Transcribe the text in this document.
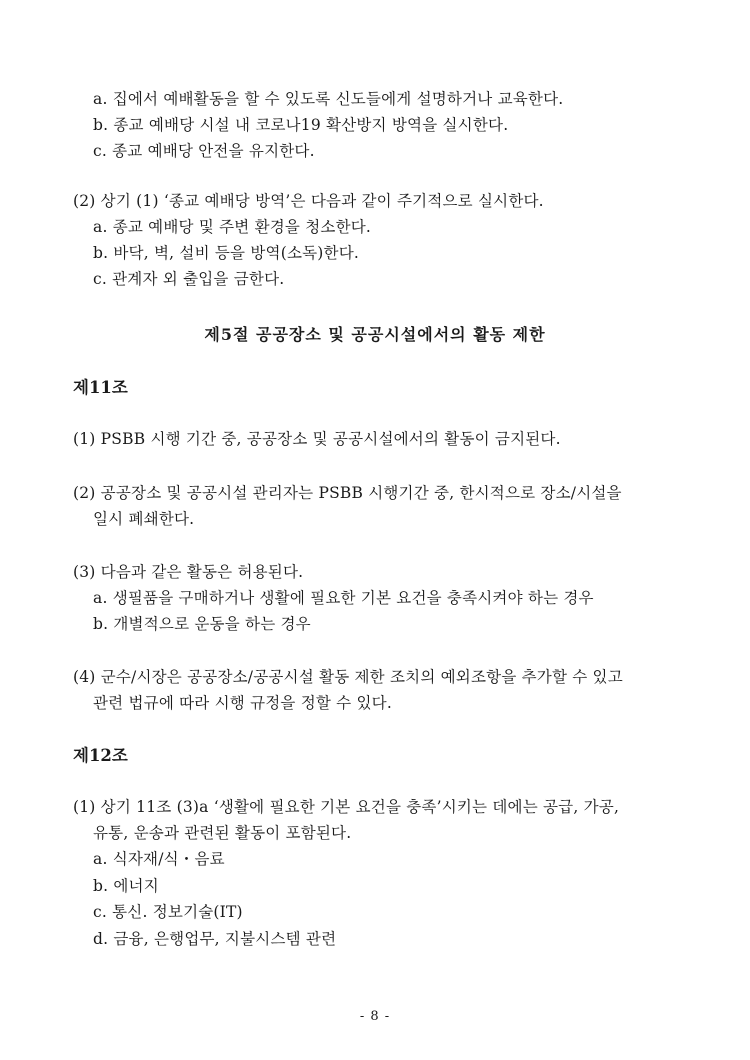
a. 집에서 예배활동을 할 수 있도록 신도들에게 설명하거나 교육한다.
b. 종교 예배당 시설 내 코로나19 확산방지 방역을 실시한다.
c. 종교 예배당 안전을 유지한다.
(2) 상기 (1) ‘종교 예배당 방역’은 다음과 같이 주기적으로 실시한다.
a. 종교 예배당 및 주변 환경을 청소한다.
b. 바닥, 벽, 설비 등을 방역(소독)한다.
c. 관계자 외 출입을 금한다.
제5절 공공장소 및 공공시설에서의 활동 제한
제11조
(1) PSBB 시행 기간 중, 공공장소 및 공공시설에서의 활동이 금지된다.
(2) 공공장소 및 공공시설 관리자는 PSBB 시행기간 중, 한시적으로 장소/시설을
일시 폐쇄한다.
(3) 다음과 같은 활동은 허용된다.
a. 생필품을 구매하거나 생활에 필요한 기본 요건을 충족시켜야 하는 경우
b. 개별적으로 운동을 하는 경우
(4) 군수/시장은 공공장소/공공시설 활동 제한 조치의 예외조항을 추가할 수 있고
관련 법규에 따라 시행 규정을 정할 수 있다.
제12조
(1) 상기 11조 (3)a ‘생활에 필요한 기본 요건을 충족’시키는 데에는 공급, 가공,
유통, 운송과 관련된 활동이 포함된다.
a. 식자재/식・음료
b. 에너지
c. 통신. 정보기술(IT)
d. 금융, 은행업무, 지불시스템 관련
- 8 -
